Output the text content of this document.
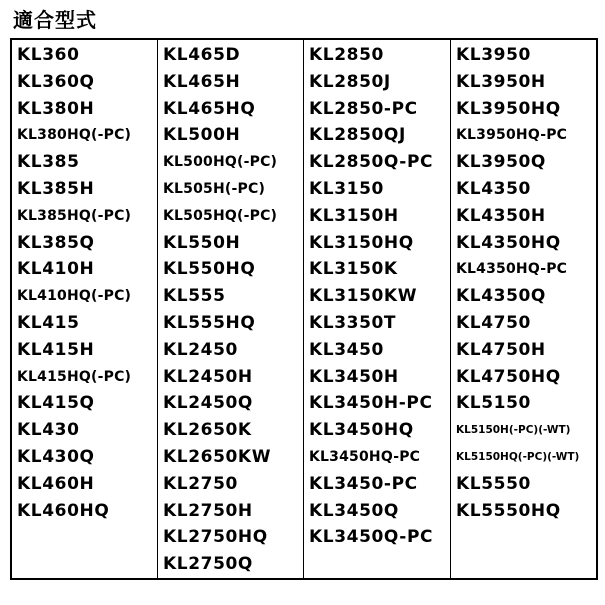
適合型式
KL360
KL360Q
KL380H
KL380HQ(-PC)
KL385
KL385H
KL385HQ(-PC)
KL385Q
KL410H
KL410HQ(-PC)
KL415
KL415H
KL415HQ(-PC)
KL415Q
KL430
KL430Q
KL460H
KL460HQ
KL465D
KL465H
KL465HQ
KL500H
KL500HQ(-PC)
KL505H(-PC)
KL505HQ(-PC)
KL550H
KL550HQ
KL555
KL555HQ
KL2450
KL2450H
KL2450Q
KL2650K
KL2650KW
KL2750
KL2750H
KL2750HQ
KL2750Q
KL2850
KL2850J
KL2850-PC
KL2850QJ
KL2850Q-PC
KL3150
KL3150H
KL3150HQ
KL3150K
KL3150KW
KL3350T
KL3450
KL3450H
KL3450H-PC
KL3450HQ
KL3450HQ-PC
KL3450-PC
KL3450Q
KL3450Q-PC
KL3950
KL3950H
KL3950HQ
KL3950HQ-PC
KL3950Q
KL4350
KL4350H
KL4350HQ
KL4350HQ-PC
KL4350Q
KL4750
KL4750H
KL4750HQ
KL5150
KL5150H(-PC)(-WT)
KL5150HQ(-PC)(-WT)
KL5550
KL5550HQ
